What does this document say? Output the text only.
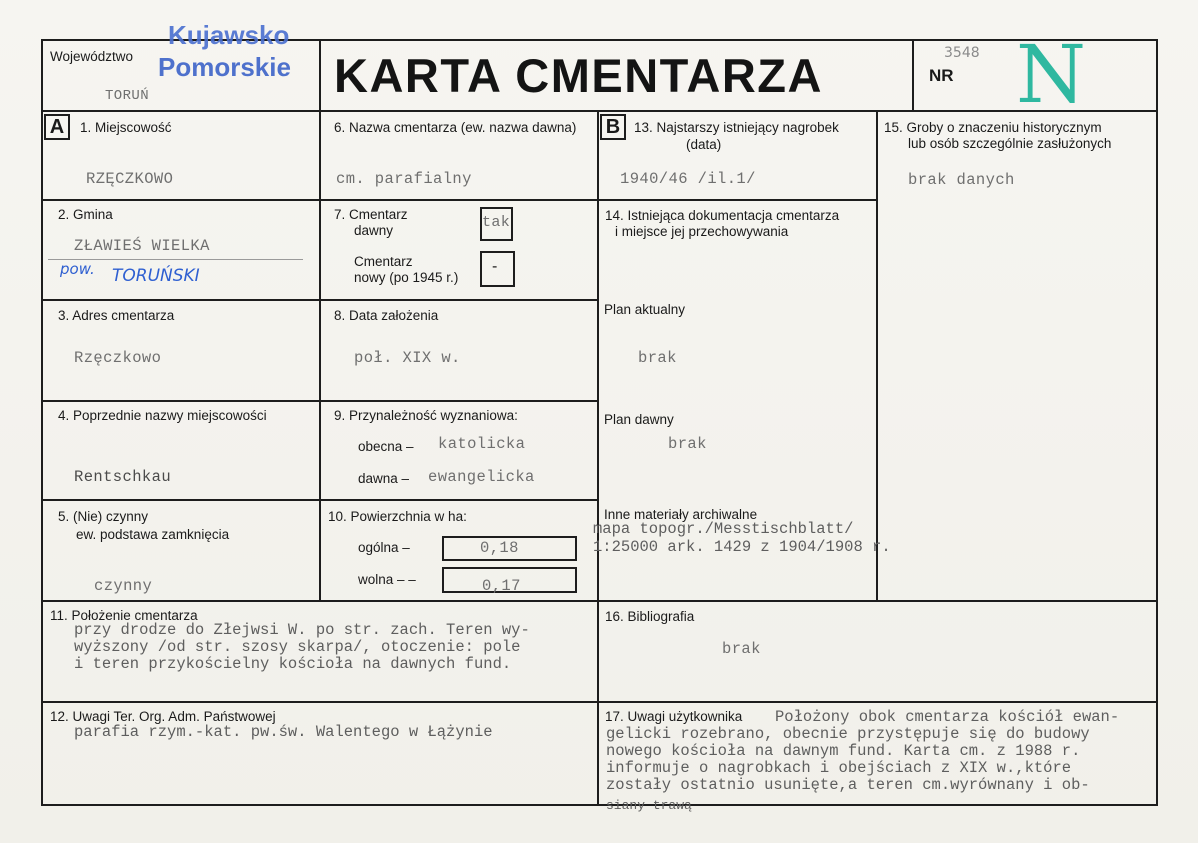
Województwo
Kujawsko
Pomorskie
TORUŃ	KARTA CMENTARZA	NR
3548 N
A	B
1. Miejscowość
RZĘCZKOWO
2. Gmina
ZŁAWIEŚ WIELKA
pow. TORUŃSKI
3. Adres cmentarza
Rzęczkowo
4. Poprzednie nazwy miejscowości
Rentschkau
5. (Nie) czynny
ew. podstawa zamknięcia
czynny
6. Nazwa cmentarza (ew. nazwa dawna)
cm. parafialny
7. Cmentarz
dawny	tak
Cmentarz
nowy (po 1945 r.)
-
8. Data założenia
poł. XIX w.
9. Przynależność wyznaniowa:
obecna – katolicka
dawna – ewangelicka
10. Powierzchnia w ha:
ogólna –	0,18
wolna – –	0,17
11. Położenie cmentarza
przy drodze do Złejwsi W. po str. zach. Teren wy-
wyższony /od str. szosy skarpa/, otoczenie: pole
i teren przykościelny kościoła na dawnych fund.
12. Uwagi Ter. Org. Adm. Państwowej
parafia rzym.-kat. pw.św. Walentego w Łążynie
13. Najstarszy istniejący nagrobek
(data)
1940/46 /il.1/
14. Istniejąca dokumentacja cmentarza
i miejsce jej przechowywania
Plan aktualny
brak
Plan dawny
brak
Inne materiały archiwalne
mapa topogr./Messtischblatt/
1:25000 ark. 1429 z 1904/1908 r.
15. Groby o znaczeniu historycznym
lub osób szczególnie zasłużonych
brak danych
16. Bibliografia
brak
17. Uwagi użytkownika Położony obok cmentarza kościół ewan-
gelicki rozebrano, obecnie przystępuje się do budowy
nowego kościoła na dawnym fund. Karta cm. z 1988 r.
informuje o nagrobkach i obejściach z XIX w.,które
zostały ostatnio usunięte,a teren cm.wyrównany i ob-
siany trawą
